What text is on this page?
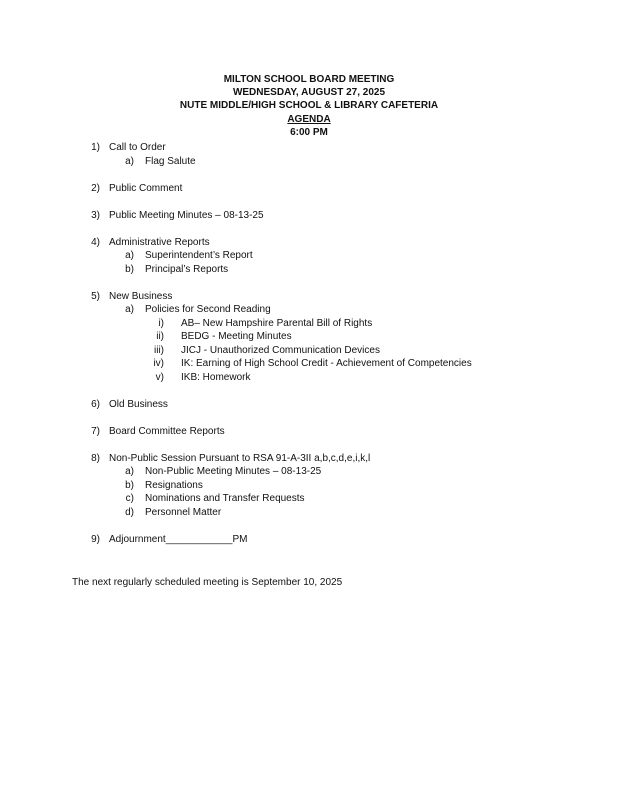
MILTON SCHOOL BOARD MEETING
WEDNESDAY, AUGUST 27, 2025
NUTE MIDDLE/HIGH SCHOOL & LIBRARY CAFETERIA
AGENDA
6:00 PM
1) Call to Order
a) Flag Salute
2) Public Comment
3) Public Meeting Minutes – 08-13-25
4) Administrative Reports
a) Superintendent’s Report
b) Principal’s Reports
5) New Business
a) Policies for Second Reading
i) AB– New Hampshire Parental Bill of Rights
ii) BEDG - Meeting Minutes
iii) JICJ - Unauthorized Communication Devices
iv) IK: Earning of High School Credit - Achievement of Competencies
v) IKB: Homework
6) Old Business
7) Board Committee Reports
8) Non-Public Session Pursuant to RSA 91-A-3II a,b,c,d,e,i,k,l
a) Non-Public Meeting Minutes – 08-13-25
b) Resignations
c) Nominations and Transfer Requests
d) Personnel Matter
9) Adjournment____________PM
The next regularly scheduled meeting is September 10, 2025
